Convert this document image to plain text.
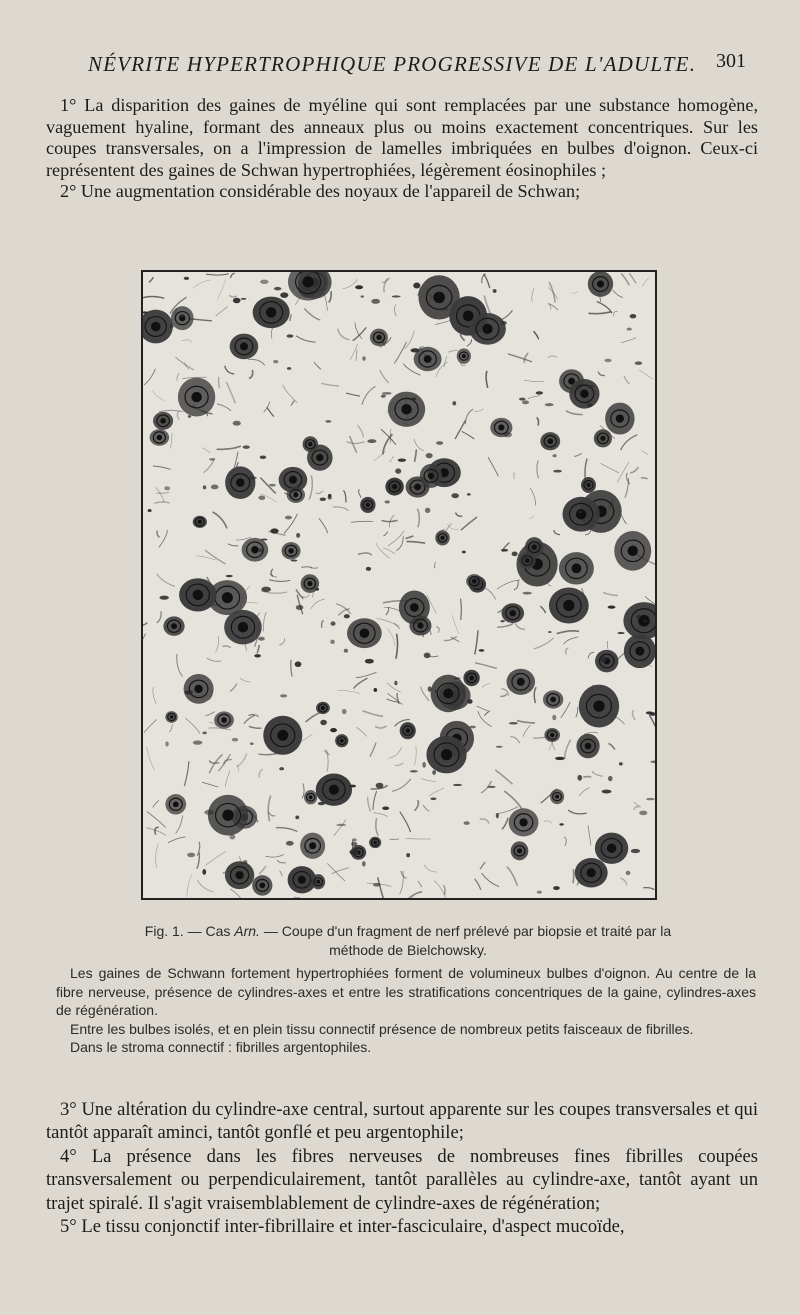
NÉVRITE HYPERTROPHIQUE PROGRESSIVE DE L'ADULTE. 301

1° La disparition des gaines de myéline qui sont remplacées par une substance homogène, vaguement hyaline, formant des anneaux plus ou moins exactement concentriques. Sur les coupes transversales, on a l'impression de lamelles imbriquées en bulbes d'oignon. Ceux-ci représentent des gaines de Schwan hypertrophiées, légèrement éosinophiles ;

2° Une augmentation considérable des noyaux de l'appareil de Schwan;

Fig. 1. — Cas Arn. — Coupe d'un fragment de nerf prélevé par biopsie et traité par la méthode de Bielchowsky.

Les gaines de Schwann fortement hypertrophiées forment de volumineux bulbes d'oignon. Au centre de la fibre nerveuse, présence de cylindres-axes et entre les stratifications concentriques de la gaine, cylindres-axes de régénération.

Entre les bulbes isolés, et en plein tissu connectif présence de nombreux petits faisceaux de fibrilles.

Dans le stroma connectif : fibrilles argentophiles.

3° Une altération du cylindre-axe central, surtout apparente sur les coupes transversales et qui tantôt apparaît aminci, tantôt gonflé et peu argentophile;

4° La présence dans les fibres nerveuses de nombreuses fines fibrilles coupées transversalement ou perpendiculairement, tantôt parallèles au cylindre-axe, tantôt ayant un trajet spiralé. Il s'agit vraisemblablement de cylindre-axes de régénération;

5° Le tissu conjonctif inter-fibrillaire et inter-fasciculaire, d'aspect mucoïde,
